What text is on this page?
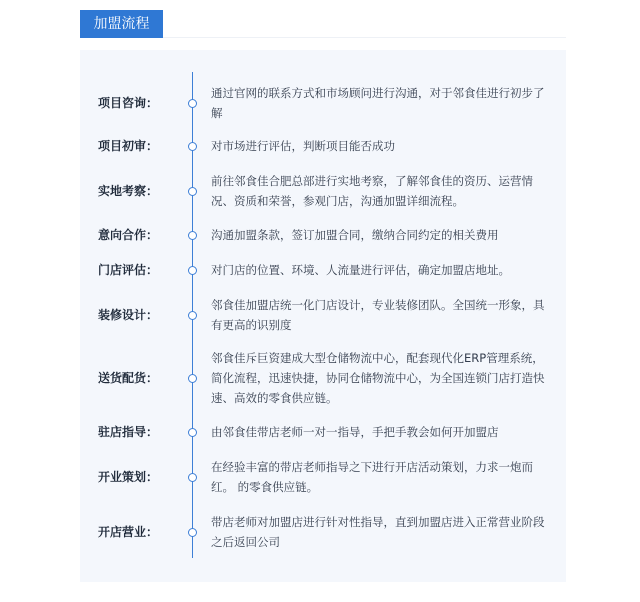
加盟流程
项目咨询：
通过官网的联系方式和市场顾问进行沟通，对于邻食佳进行初步了解
项目初审：	对市场进行评估，判断项目能否成功
实地考察：
前往邻食佳合肥总部进行实地考察，了解邻食佳的资历、运营情况、资质和荣誉，参观门店，沟通加盟详细流程。
意向合作：	沟通加盟条款，签订加盟合同，缴纳合同约定的相关费用
门店评估：	对门店的位置、环境、人流量进行评估，确定加盟店地址。
装修设计：
邻食佳加盟店统一化门店设计，专业装修团队。全国统一形象，具有更高的识别度
送货配货：
邻食佳斥巨资建成大型仓储物流中心，配套现代化ERP管理系统，简化流程，迅速快捷，协同仓储物流中心，为全国连锁门店打造快速、高效的零食供应链。
驻店指导：	由邻食佳带店老师一对一指导，手把手教会如何开加盟店
开业策划：
在经验丰富的带店老师指导之下进行开店活动策划，力求一炮而红。 的零食供应链。
开店营业：
带店老师对加盟店进行针对性指导，直到加盟店进入正常营业阶段之后返回公司
